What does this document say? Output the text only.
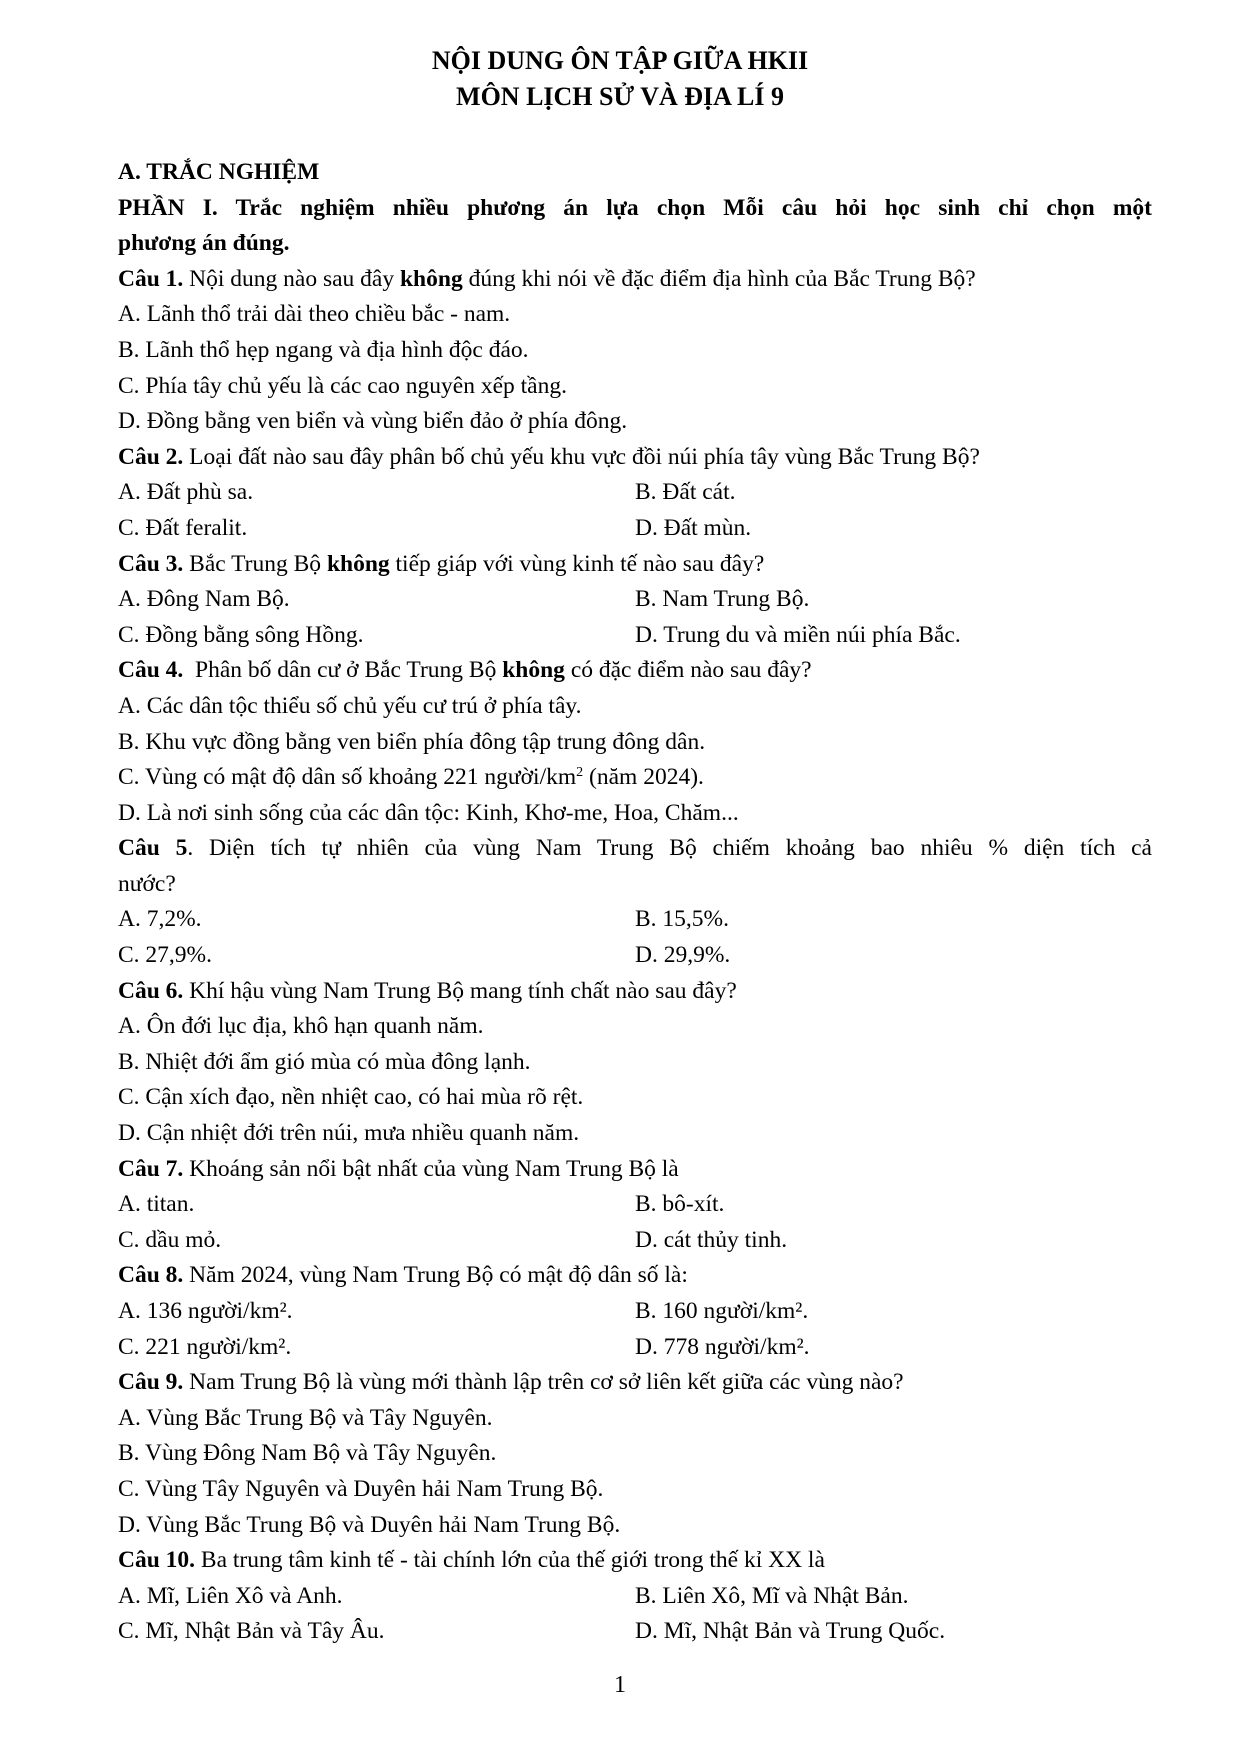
NỘI DUNG ÔN TẬP GIỮA HKII
MÔN LỊCH SỬ VÀ ĐỊA LÍ 9
A. TRẮC NGHIỆM
PHẦN I. Trắc nghiệm nhiều phương án lựa chọn Mỗi câu hỏi học sinh chỉ chọn một
phương án đúng.
Câu 1. Nội dung nào sau đây không đúng khi nói về đặc điểm địa hình của Bắc Trung Bộ?
A. Lãnh thổ trải dài theo chiều bắc - nam.
B. Lãnh thổ hẹp ngang và địa hình độc đáo.
C. Phía tây chủ yếu là các cao nguyên xếp tầng.
D. Đồng bằng ven biển và vùng biển đảo ở phía đông.
Câu 2. Loại đất nào sau đây phân bố chủ yếu khu vực đồi núi phía tây vùng Bắc Trung Bộ?
A. Đất phù sa.	B. Đất cát.
C. Đất feralit.	D. Đất mùn.
Câu 3. Bắc Trung Bộ không tiếp giáp với vùng kinh tế nào sau đây?
A. Đông Nam Bộ.	B. Nam Trung Bộ.
C. Đồng bằng sông Hồng.	D. Trung du và miền núi phía Bắc.
Câu 4.  Phân bố dân cư ở Bắc Trung Bộ không có đặc điểm nào sau đây?
A. Các dân tộc thiểu số chủ yếu cư trú ở phía tây.
B. Khu vực đồng bằng ven biển phía đông tập trung đông dân.
C. Vùng có mật độ dân số khoảng 221 người/$km^2$ (năm 2024).
D. Là nơi sinh sống của các dân tộc: Kinh, Khơ-me, Hoa, Chăm...
Câu 5. Diện tích tự nhiên của vùng Nam Trung Bộ chiếm khoảng bao nhiêu % diện tích cả
nước?
A. 7,2%.	B. 15,5%.
C. 27,9%.	D. 29,9%.
Câu 6. Khí hậu vùng Nam Trung Bộ mang tính chất nào sau đây?
A. Ôn đới lục địa, khô hạn quanh năm.
B. Nhiệt đới ẩm gió mùa có mùa đông lạnh.
C. Cận xích đạo, nền nhiệt cao, có hai mùa rõ rệt.
D. Cận nhiệt đới trên núi, mưa nhiều quanh năm.
Câu 7. Khoáng sản nổi bật nhất của vùng Nam Trung Bộ là
A. titan.	B. bô-xít.
C. dầu mỏ.	D. cát thủy tinh.
Câu 8. Năm 2024, vùng Nam Trung Bộ có mật độ dân số là:
A. 136 người/km².	B. 160 người/km².
C. 221 người/km².	D. 778 người/km².
Câu 9. Nam Trung Bộ là vùng mới thành lập trên cơ sở liên kết giữa các vùng nào?
A. Vùng Bắc Trung Bộ và Tây Nguyên.
B. Vùng Đông Nam Bộ và Tây Nguyên.
C. Vùng Tây Nguyên và Duyên hải Nam Trung Bộ.
D. Vùng Bắc Trung Bộ và Duyên hải Nam Trung Bộ.
Câu 10. Ba trung tâm kinh tế - tài chính lớn của thế giới trong thế kỉ XX là
A. Mĩ, Liên Xô và Anh.	B. Liên Xô, Mĩ và Nhật Bản.
C. Mĩ, Nhật Bản và Tây Âu.	D. Mĩ, Nhật Bản và Trung Quốc.
1
